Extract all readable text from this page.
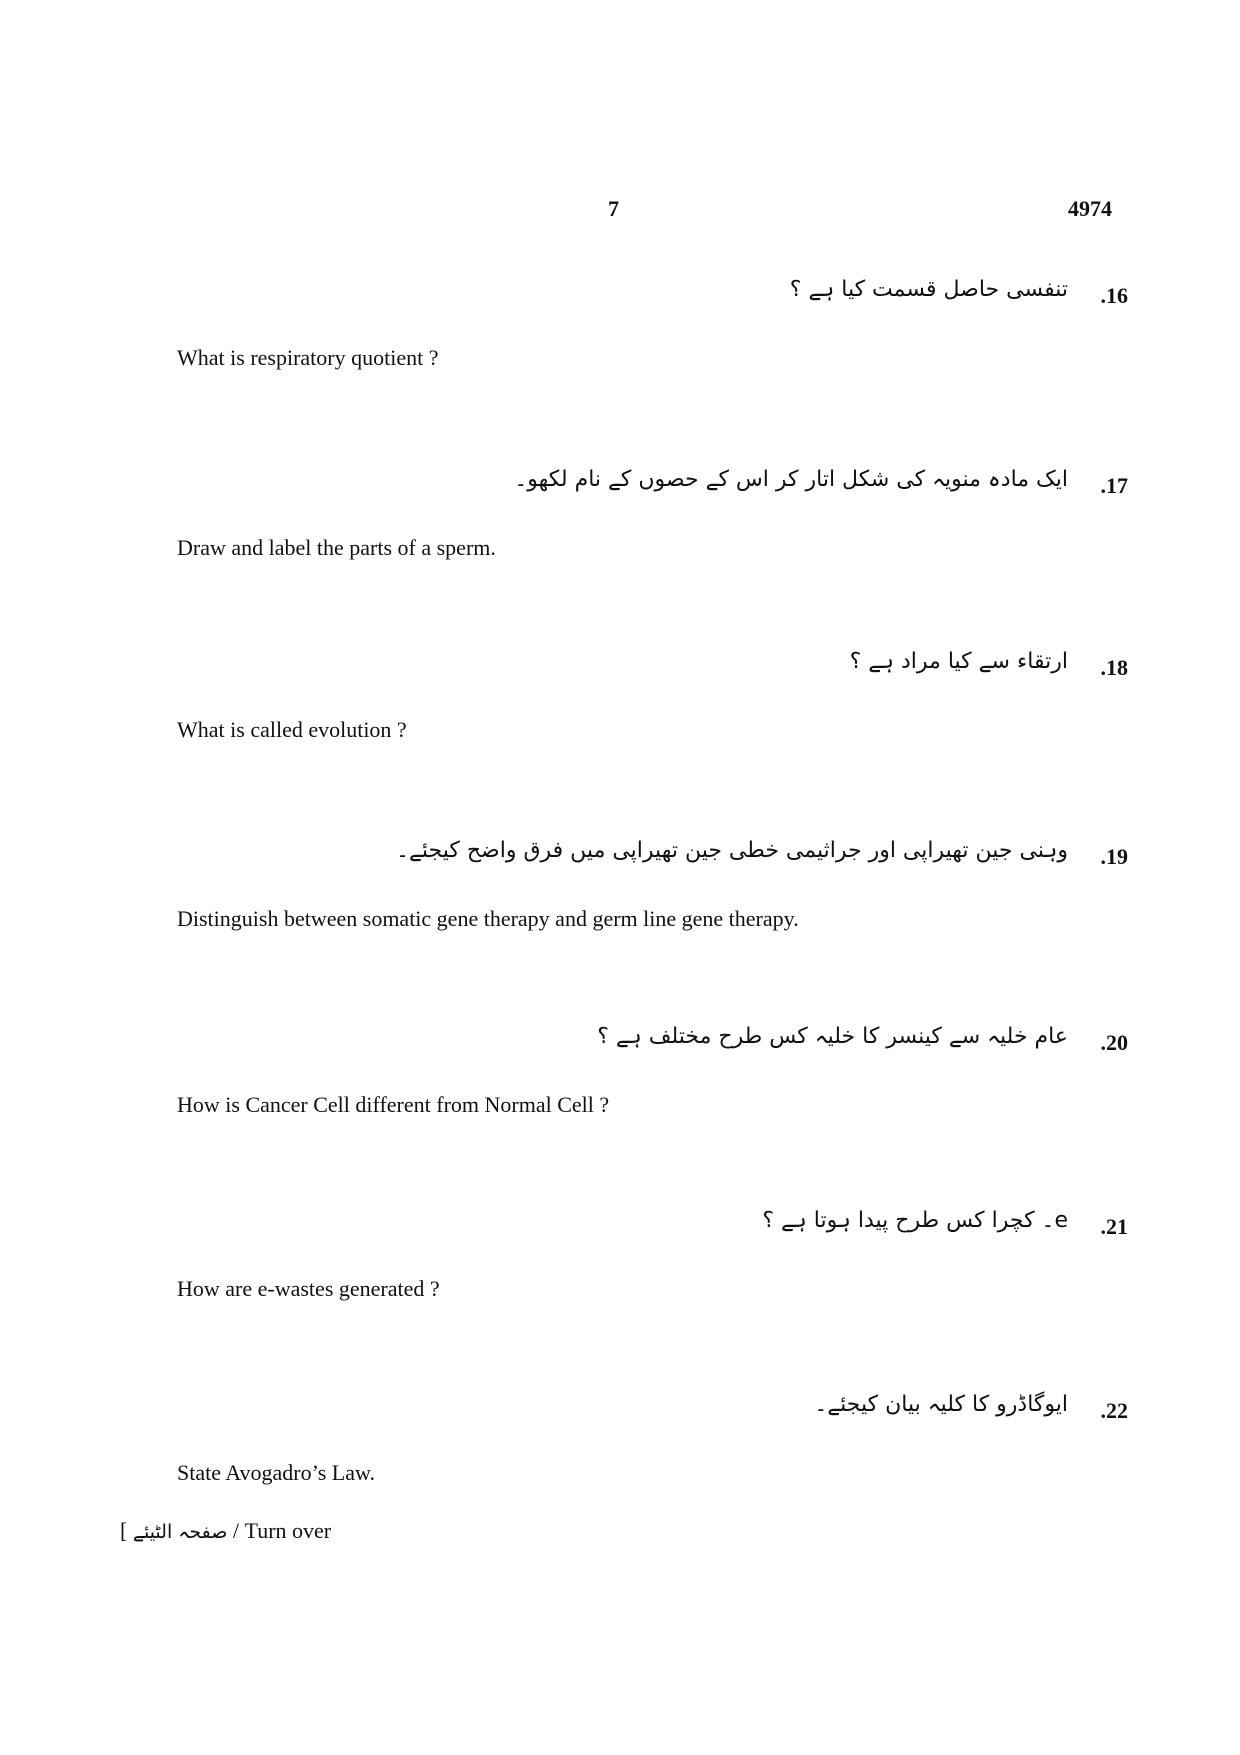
7	4974
.16
تنفسی حاصل قسمت کیا ہے ؟
What is respiratory quotient ?
.17
ایک مادہ منویہ کی شکل اتار کر اس کے حصوں کے نام لکھو۔
Draw and label the parts of a sperm.
.18
ارتقاء سے کیا مراد ہے ؟
What is called evolution ?
.19
وہنی جین تھیراپی اور جراثیمی خطی جین تھیراپی میں فرق واضح کیجئے۔
Distinguish between somatic gene therapy and germ line gene therapy.
.20
عام خلیہ سے کینسر کا خلیہ کس طرح مختلف ہے ؟
How is Cancer Cell different from Normal Cell ?
.21
e۔ کچرا کس طرح پیدا ہوتا ہے ؟
How are e-wastes generated ?
.22
ایوگاڈرو کا کلیہ بیان کیجئے۔
State Avogadro’s Law.
[ صفحہ الٹیئے / Turn over
